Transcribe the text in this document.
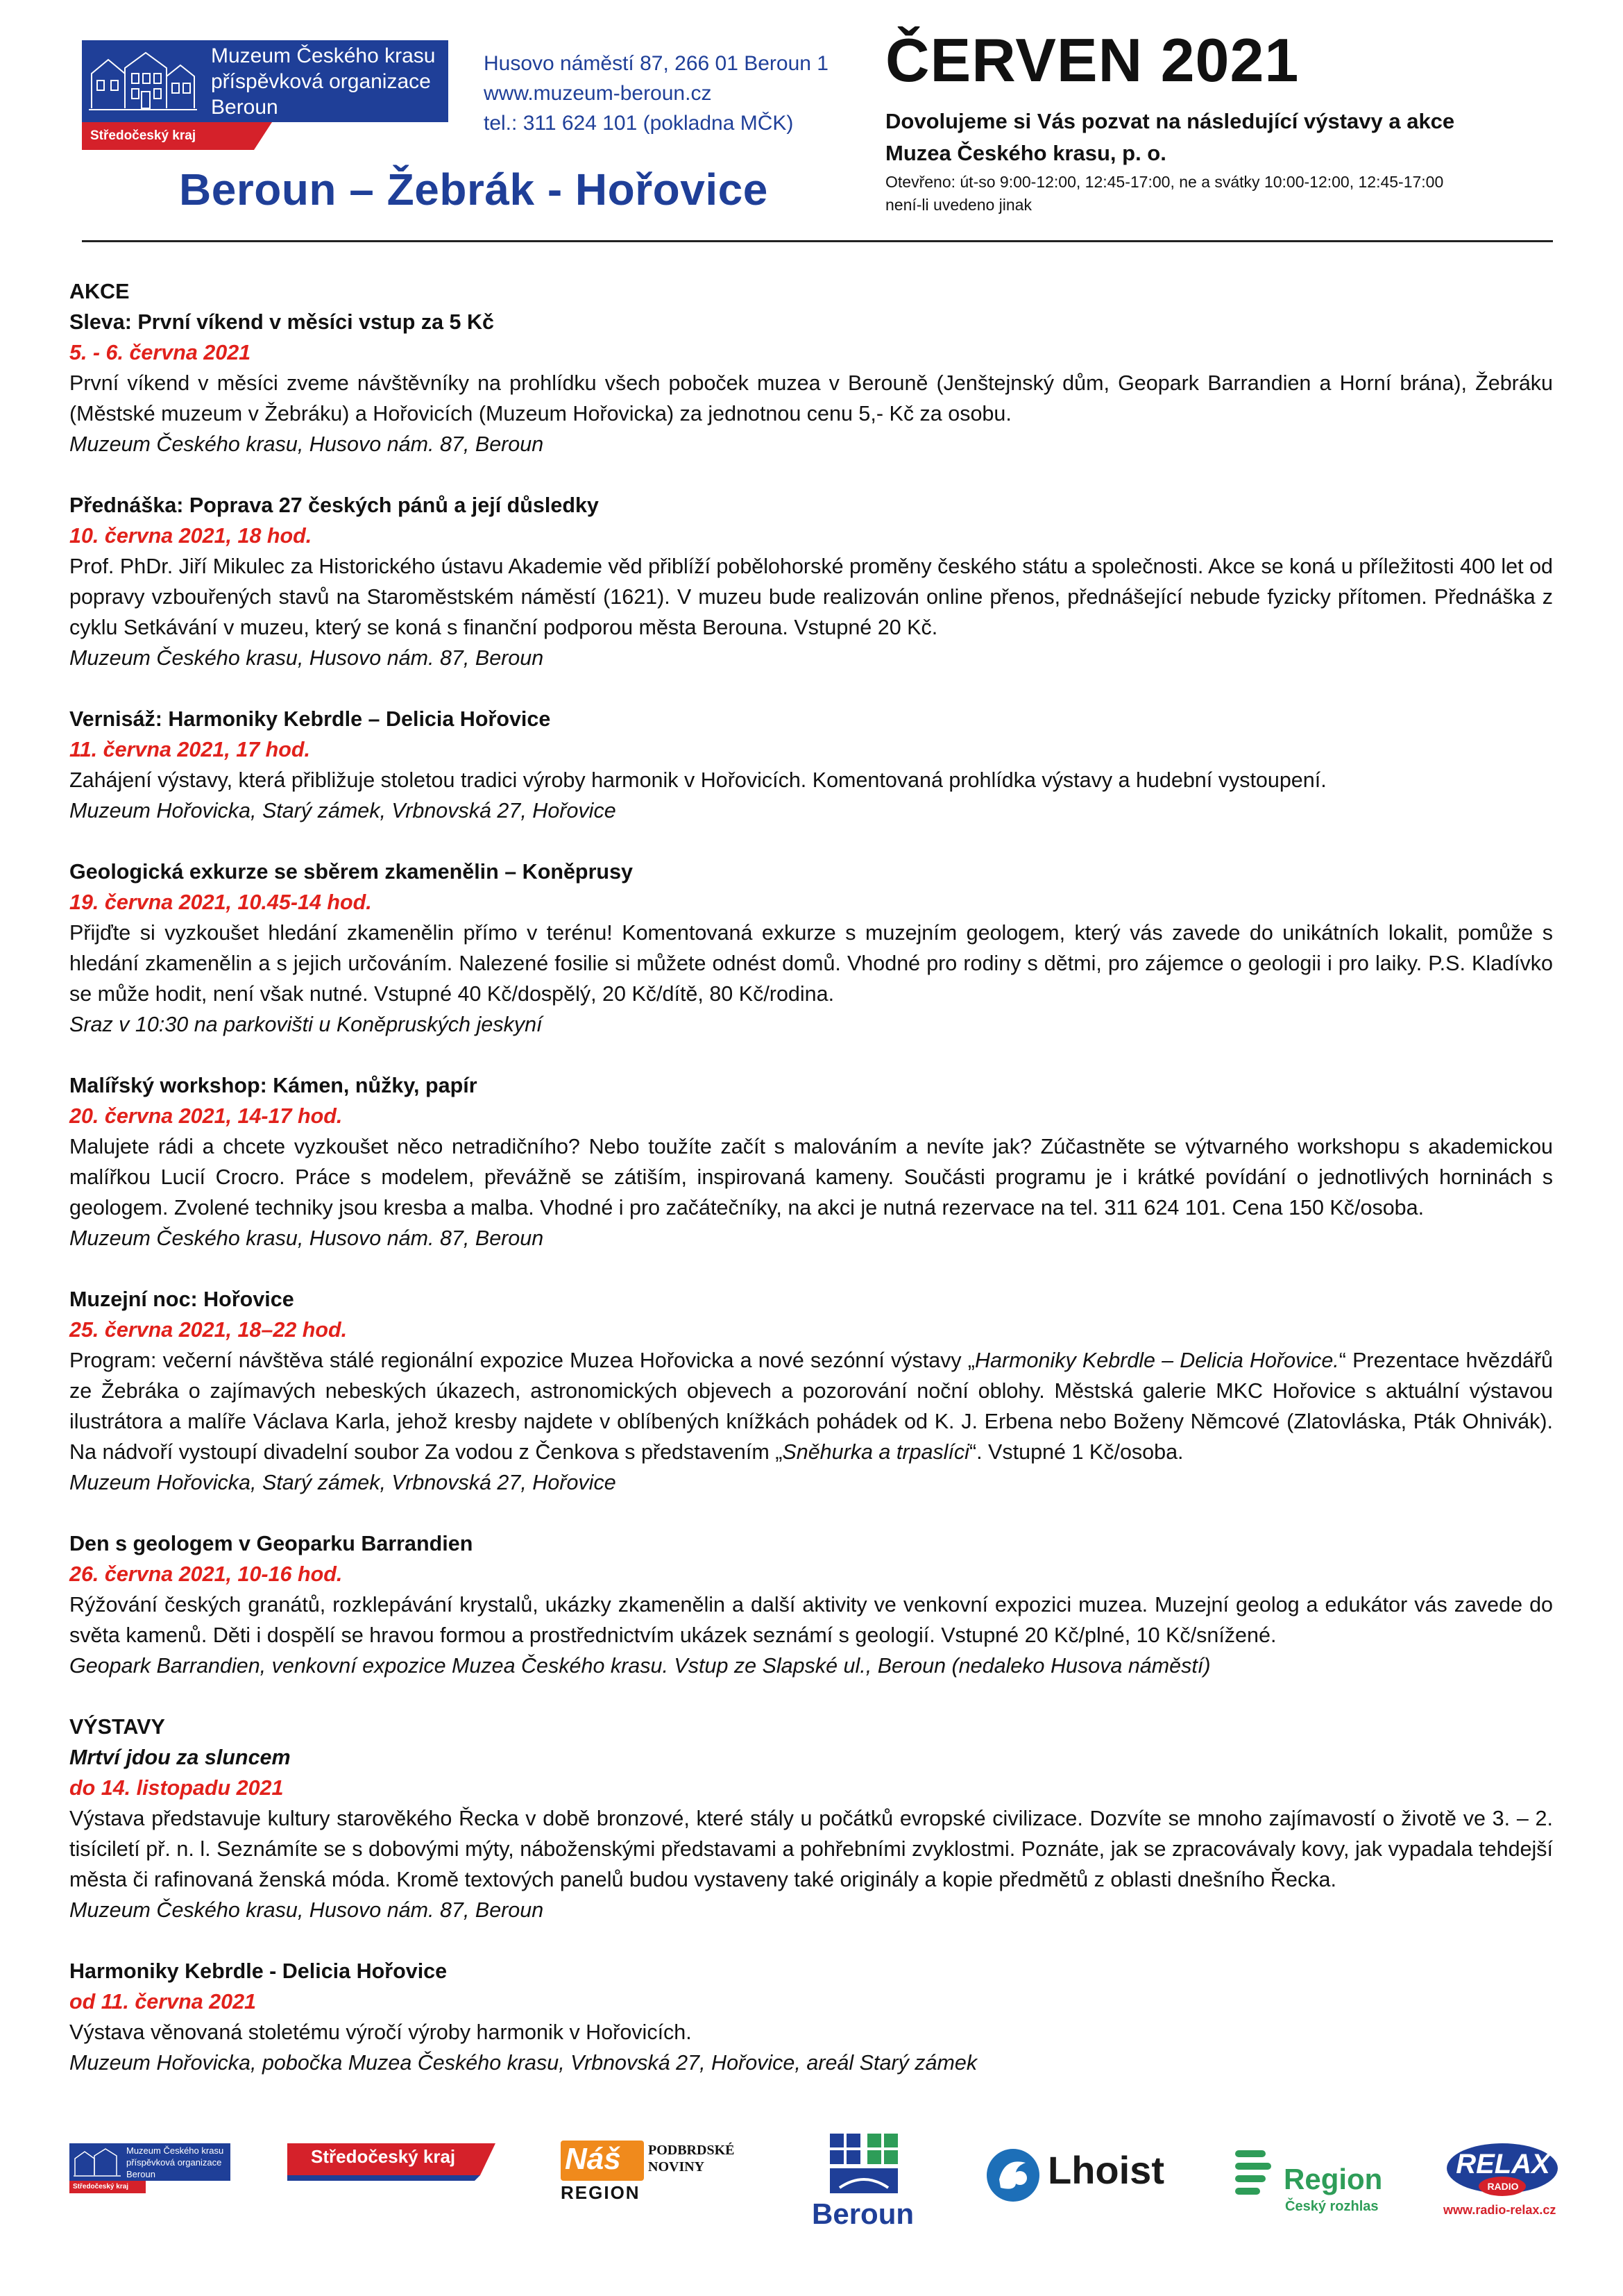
Muzeum Českého krasu
příspěvková organizace
Beroun
Středočeský kraj
Husovo náměstí 87, 266 01 Beroun 1
www.muzeum-beroun.cz
tel.: 311 624 101 (pokladna MČK)
Beroun – Žebrák - Hořovice
ČERVEN 2021
Dovolujeme si Vás pozvat na následující výstavy a akce
Muzea Českého krasu, p. o.
Otevřeno: út-so 9:00-12:00, 12:45-17:00, ne a svátky 10:00-12:00, 12:45-17:00
není-li uvedeno jinak
AKCE
Sleva: První víkend v měsíci vstup za 5 Kč
5. - 6. června 2021
První víkend v měsíci zveme návštěvníky na prohlídku všech poboček muzea v Berouně (Jenštejnský dům, Geopark Barrandien a Horní brána), Žebráku (Městské muzeum v Žebráku) a Hořovicích (Muzeum Hořovicka) za jednotnou cenu 5,- Kč za osobu.
Muzeum Českého krasu, Husovo nám. 87, Beroun
Přednáška: Poprava 27 českých pánů a její důsledky
10. června 2021, 18 hod.
Prof. PhDr. Jiří Mikulec za Historického ústavu Akademie věd přiblíží pobělohorské proměny českého státu a společnosti. Akce se koná u příležitosti 400 let od popravy vzbouřených stavů na Staroměstském náměstí (1621). V muzeu bude realizován online přenos, přednášející nebude fyzicky přítomen. Přednáška z cyklu Setkávání v muzeu, který se koná s finanční podporou města Berouna. Vstupné 20 Kč.
Muzeum Českého krasu, Husovo nám. 87, Beroun
Vernisáž: Harmoniky Kebrdle – Delicia Hořovice
11. června 2021, 17 hod.
Zahájení výstavy, která přibližuje stoletou tradici výroby harmonik v Hořovicích. Komentovaná prohlídka výstavy a hudební vystoupení.
Muzeum Hořovicka, Starý zámek, Vrbnovská 27, Hořovice
Geologická exkurze se sběrem zkamenělin – Koněprusy
19. června 2021, 10.45-14 hod.
Přijďte si vyzkoušet hledání zkamenělin přímo v terénu! Komentovaná exkurze s muzejním geologem, který vás zavede do unikátních lokalit, pomůže s hledání zkamenělin a s jejich určováním. Nalezené fosilie si můžete odnést domů. Vhodné pro rodiny s dětmi, pro zájemce o geologii i pro laiky. P.S. Kladívko se může hodit, není však nutné. Vstupné 40 Kč/dospělý, 20 Kč/dítě, 80 Kč/rodina.
Sraz v 10:30 na parkovišti u Koněpruských jeskyní
Malířský workshop: Kámen, nůžky, papír
20. června 2021, 14-17 hod.
Malujete rádi a chcete vyzkoušet něco netradičního? Nebo toužíte začít s malováním a nevíte jak? Zúčastněte se výtvarného workshopu s akademickou malířkou Lucií Crocro. Práce s modelem, převážně se zátiším, inspirovaná kameny. Součásti programu je i krátké povídání o jednotlivých horninách s geologem. Zvolené techniky jsou kresba a malba. Vhodné i pro začátečníky, na akci je nutná rezervace na tel. 311 624 101. Cena 150 Kč/osoba.
Muzeum Českého krasu, Husovo nám. 87, Beroun
Muzejní noc: Hořovice
25. června 2021, 18–22 hod.
Program: večerní návštěva stálé regionální expozice Muzea Hořovicka a nové sezónní výstavy „Harmoniky Kebrdle – Delicia Hořovice.“ Prezentace hvězdářů ze Žebráka o zajímavých nebeských úkazech, astronomických objevech a pozorování noční oblohy. Městská galerie MKC Hořovice s aktuální výstavou ilustrátora a malíře Václava Karla, jehož kresby najdete v oblíbených knížkách pohádek od K. J. Erbena nebo Boženy Němcové (Zlatovláska, Pták Ohnivák). Na nádvoří vystoupí divadelní soubor Za vodou z Čenkova s představením „Sněhurka a trpaslíci“. Vstupné 1 Kč/osoba.
Muzeum Hořovicka, Starý zámek, Vrbnovská 27, Hořovice
Den s geologem v Geoparku Barrandien
26. června 2021, 10-16 hod.
Rýžování českých granátů, rozklepávání krystalů, ukázky zkamenělin a další aktivity ve venkovní expozici muzea. Muzejní geolog a edukátor vás zavede do světa kamenů. Děti i dospělí se hravou formou a prostřednictvím ukázek seznámí s geologií. Vstupné 20 Kč/plné, 10 Kč/snížené.
Geopark Barrandien, venkovní expozice Muzea Českého krasu. Vstup ze Slapské ul., Beroun (nedaleko Husova náměstí)
VÝSTAVY
Mrtví jdou za sluncem
do 14. listopadu 2021
Výstava představuje kultury starověkého Řecka v době bronzové, které stály u počátků evropské civilizace. Dozvíte se mnoho zajímavostí o životě ve 3. – 2. tisíciletí př. n. l. Seznámíte se s dobovými mýty, náboženskými představami a pohřebními zvyklostmi. Poznáte, jak se zpracovávaly kovy, jak vypadala tehdejší města či rafinovaná ženská móda. Kromě textových panelů budou vystaveny také originály a kopie předmětů z oblasti dnešního Řecka.
Muzeum Českého krasu, Husovo nám. 87, Beroun
Harmoniky Kebrdle - Delicia Hořovice
od 11. června 2021
Výstava věnovaná stoletému výročí výroby harmonik v Hořovicích.
Muzeum Hořovicka, pobočka Muzea Českého krasu, Vrbnovská 27, Hořovice, areál Starý zámek
Muzeum Českého krasu
příspěvková organizace
Beroun
Středočeský kraj
Středočeský kraj	Náš PODBRDSKÉ
NOVINY
REGION
Beroun
Lhoist	Region
Český rozhlas
RELAX
RADIO
www.radio-relax.cz
